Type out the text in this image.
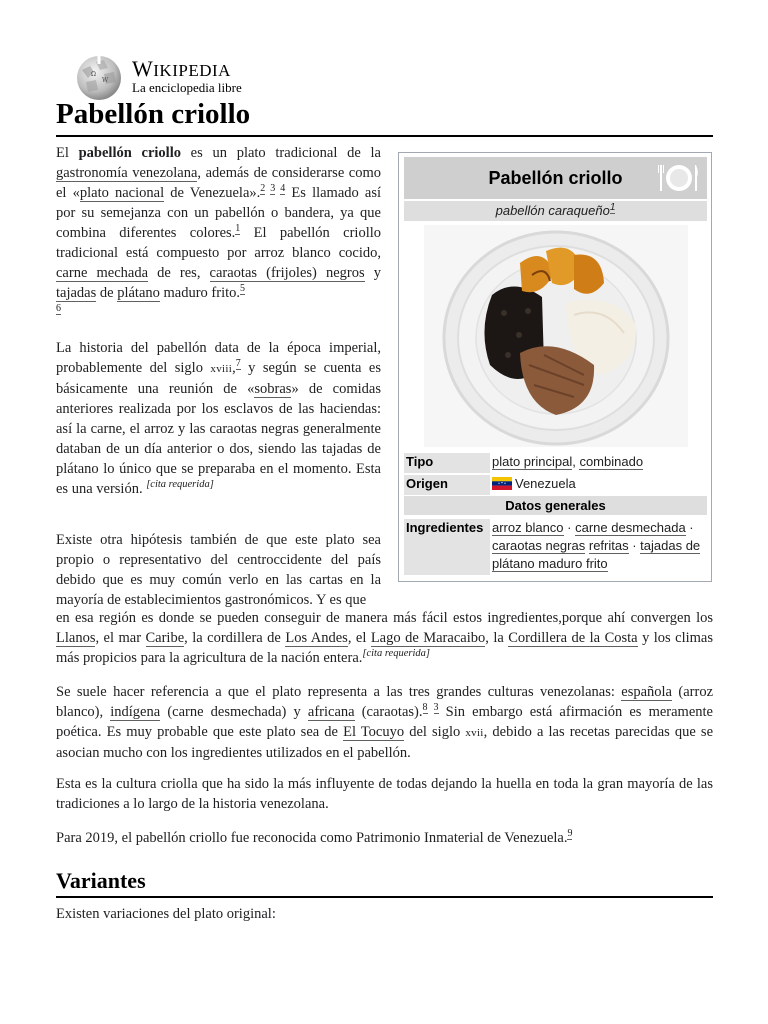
Ω
W WIKIPEDIA
La enciclopedia libre
Pabellón criollo

El pabellón criollo es un plato tradicional de la gastronomía venezolana, además de considerarse como el «plato nacional de Venezuela».$^{2 3 4}$ Es llamado así por su semejanza con un pabellón o bandera, ya que combina diferentes colores.$^1$ El pabellón criollo tradicional está compuesto por arroz blanco cocido, carne mechada de res, caraotas (frijoles) negros y tajadas de plátano maduro frito.$^{5 6}$

La historia del pabellón data de la época imperial, probablemente del siglo xviii,$^7$ y según se cuenta es básicamente una reunión de «sobras» de comidas anteriores realizada por los esclavos de las haciendas: así la carne, el arroz y las caraotas negras generalmente databan de un día anterior o dos, siendo las tajadas de plátano lo único que se preparaba en el momento. Esta es una versión. [cita requerida]

Existe otra hipótesis también de que este plato sea propio o representativo del centroccidente del país debido que es muy común verlo en las cartas en la mayoría de establecimientos gastronómicos. Y es que

en esa región es donde se pueden conseguir de manera más fácil estos ingredientes,porque ahí convergen los Llanos, el mar Caribe, la cordillera de Los Andes, el Lago de Maracaibo, la Cordillera de la Costa y los climas más propicios para la agricultura de la nación entera.[cita requerida]

Se suele hacer referencia a que el plato representa a las tres grandes culturas venezolanas: española (arroz blanco), indígena (carne desmechada) y africana (caraotas).$^{8 3}$ Sin embargo está afirmación es meramente poética. Es muy probable que este plato sea de El Tocuyo del siglo xvii, debido a las recetas parecidas que se asocian mucho con los ingredientes utilizados en el pabellón.

Esta es la cultura criolla que ha sido la más influyente de todas dejando la huella en toda la gran mayoría de las tradiciones a lo largo de la historia venezolana.

Para 2019, el pabellón criollo fue reconocida como Patrimonio Inmaterial de Venezuela.$^9$

Variantes

Existen variaciones del plato original:

Pabellón criollo
pabellón caraqueño$^1$
Tipo	plato principal, combinado
Origen	Venezuela
Datos generales
Ingredientes arroz blanco · carne desmechada · caraotas negras refritas · tajadas de plátano maduro frito
